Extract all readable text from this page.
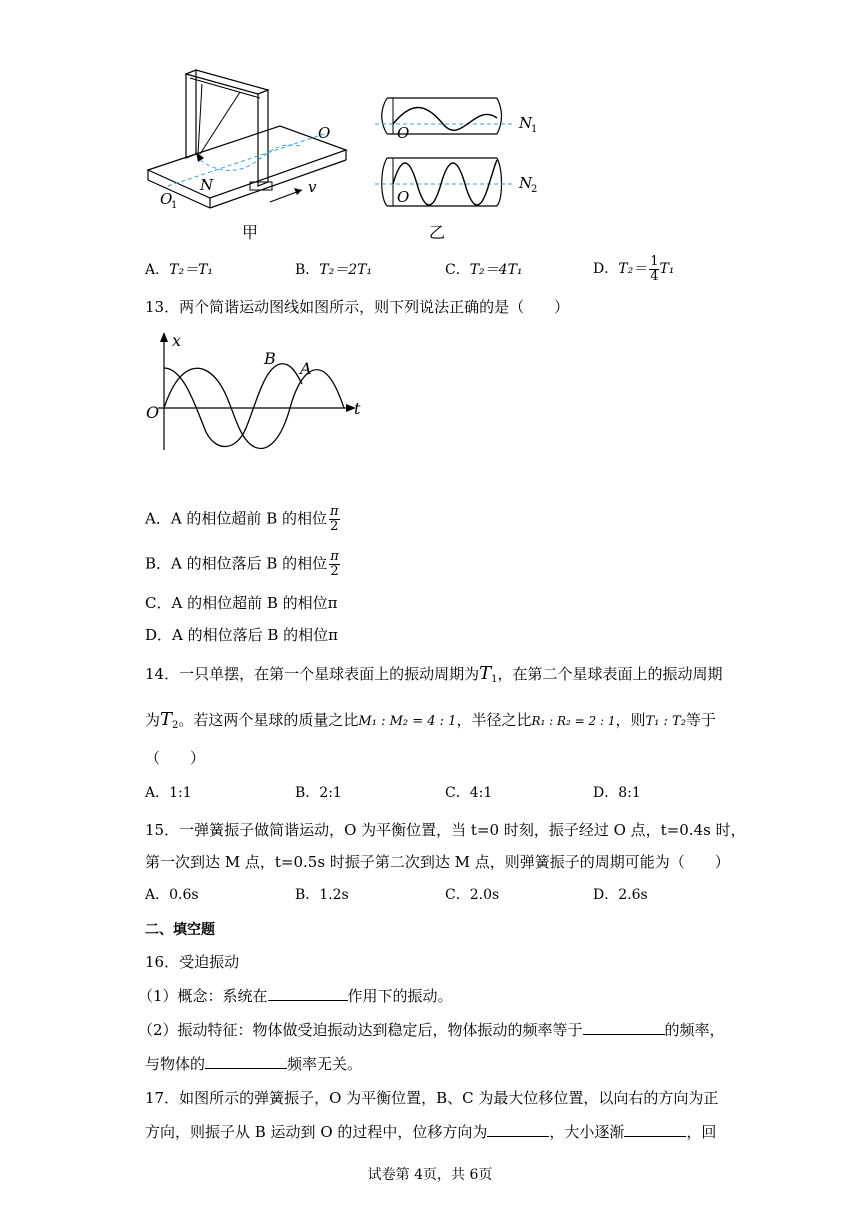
O
N
O
1
v
甲
O
N
1
O
N
2
乙
A．T₂＝T₁	B．T₂＝2T₁	C．T₂＝4T₁	D．$T_2= \frac{1}{4} T_1$
13．两个简谐运动图线如图所示，则下列说法正确的是（　　）
x
t
O
B
A
A．A 的相位超前 B 的相位 $\frac{\pi}{2}$
B．A 的相位落后 B 的相位 $\frac{\pi}{2}$
C．A 的相位超前 B 的相位π
D．A 的相位落后 B 的相位π
14．一只单摆，在第一个星球表面上的振动周期为$T_1$，在第二个星球表面上的振动周期
为$T_2$。若这两个星球的质量之比M₁ : M₂ = 4 : 1，半径之比R₁ : R₂ = 2 : 1，则T₁ : T₂等于
（　　）
A．1:1	B．2:1	C．4:1	D．8:1
15．一弹簧振子做简谐运动，O 为平衡位置，当 t=0 时刻，振子经过 O 点，t=0.4s 时，
第一次到达 M 点，t=0.5s 时振子第二次到达 M 点，则弹簧振子的周期可能为（　　）
A．0.6s	B．1.2s	C．2.0s	D．2.6s
二、填空题
16．受迫振动
（1）概念：系统在	作用下的振动。
（2）振动特征：物体做受迫振动达到稳定后，物体振动的频率等于	的频率，
与物体的	频率无关。
17．如图所示的弹簧振子，O 为平衡位置，B、C 为最大位移位置，以向右的方向为正
方向，则振子从 B 运动到 O 的过程中，位移方向为	，大小逐渐	，回
试卷第 4页，共 6页
